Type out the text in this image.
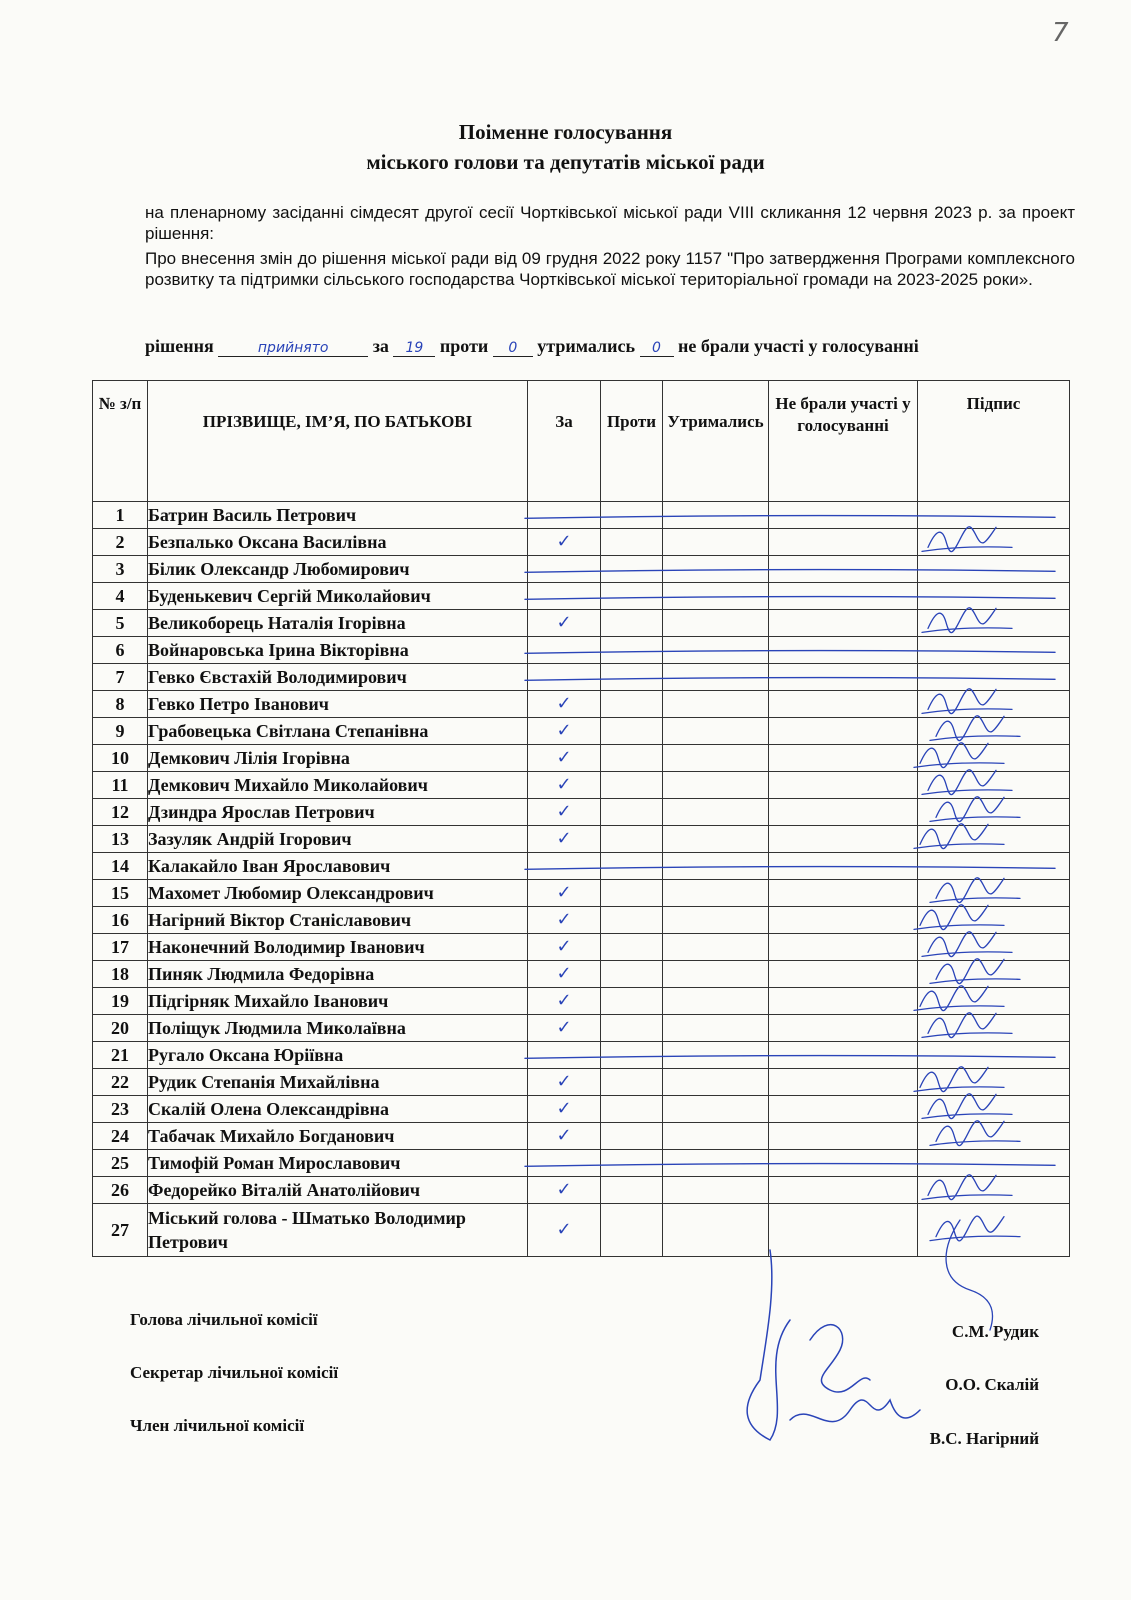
7
Поіменне голосування
міського голови та депутатів міської ради

на пленарному засіданні сімдесят другої сесії Чортківської міської ради VIII скликання 12 червня 2023 р. за проект рішення:

Про внесення змін до рішення міської ради від 09 грудня 2022 року 1157 "Про затвердження Програми комплексного розвитку та підтримки сільського господарства Чортківської міської територіальної громади на 2023-2025 роки».

рішення	прийнято за 19 проти 0 утримались 0 не брали участі у голосуванні
№ з/п	ПРІЗВИЩЕ, ІМ’Я, ПО БАТЬКОВІ	За	Проти	Утримались	Не брали участі у голосуванні	Підпис
1	Батрин Василь Петрович					
2	Безпалько Оксана Василівна	✓				
3	Білик Олександр Любомирович					
4	Буденькевич Сергій Миколайович					
5	Великоборець Наталія Ігорівна	✓				
6	Войнаровська Ірина Вікторівна					
7	Гевко Євстахій Володимирович					
8	Гевко Петро Іванович	✓				
9	Грабовецька Світлана Степанівна	✓				
10	Демкович Лілія Ігорівна	✓				
11	Демкович Михайло Миколайович	✓				
12	Дзиндра Ярослав Петрович	✓				
13	Зазуляк Андрій Ігорович	✓				
14	Калакайло Іван Ярославович					
15	Махомет Любомир Олександрович	✓				
16	Нагірний Віктор Станіславович	✓				
17	Наконечний Володимир Іванович	✓				
18	Пиняк Людмила Федорівна	✓				
19	Підгірняк Михайло Іванович	✓				
20	Поліщук Людмила Миколаївна	✓				
21	Ругало Оксана Юріївна					
22	Рудик Степанія Михайлівна	✓				
23	Скалій Олена Олександрівна	✓				
24	Табачак Михайло Богданович	✓				
25	Тимофій Роман Мирославович					
26	Федорейко Віталій Анатолійович	✓				
27	Міський голова - Шматько Володимир Петрович	✓				
Голова лічильної комісії
С.М. Рудик
Секретар лічильної комісії
О.О. Скалій
Член лічильної комісії
В.С. Нагірний
